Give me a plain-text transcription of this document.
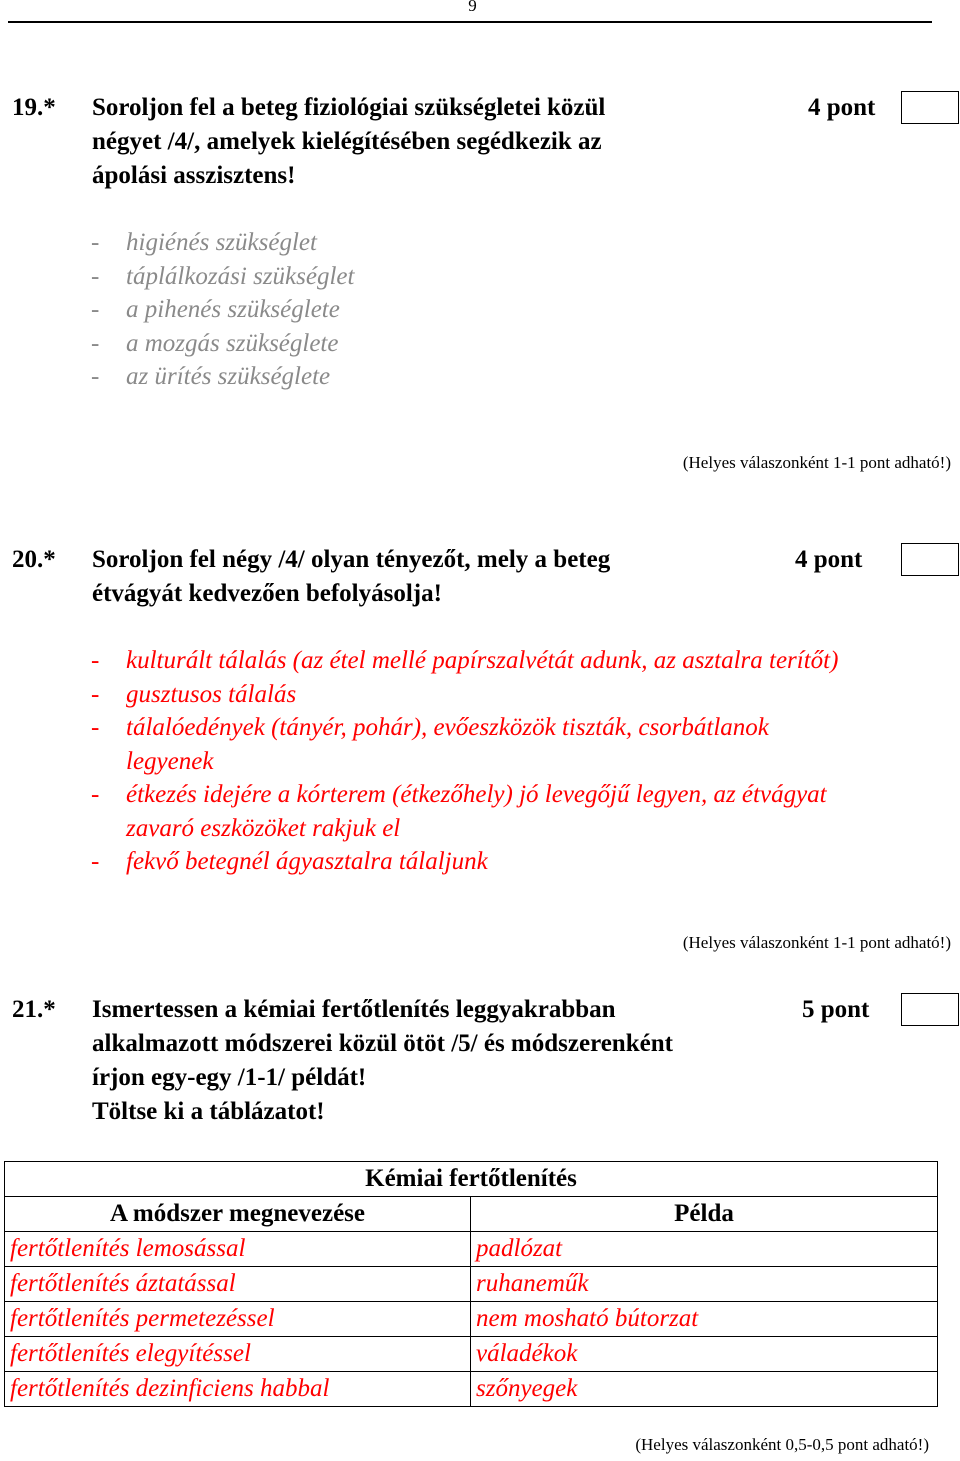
9
19.* Soroljon fel a beteg fiziológiai szükségletei közül
négyet /4/, amelyek kielégítésében segédkezik az
ápolási asszisztens!
4 pont
- higiénés szükséglet
- táplálkozási szükséglet
- a pihenés szükséglete
- a mozgás szükséglete
- az ürítés szükséglete
(Helyes válaszonként 1-1 pont adható!)
20.* Soroljon fel négy /4/ olyan tényezőt, mely a beteg
étvágyát kedvezően befolyásolja!
4 pont
- kulturált tálalás (az étel mellé papírszalvétát adunk, az asztalra terítőt)
- gusztusos tálalás
- tálalóedények (tányér, pohár), evőeszközök tiszták, csorbátlanok
legyenek
- étkezés idejére a kórterem (étkezőhely) jó levegőjű legyen, az étvágyat
zavaró eszközöket rakjuk el
- fekvő betegnél ágyasztalra tálaljunk
(Helyes válaszonként 1-1 pont adható!)
21.* Ismertessen a kémiai fertőtlenítés leggyakrabban
alkalmazott módszerei közül ötöt /5/ és módszerenként
írjon egy-egy /1-1/ példát!
Töltse ki a táblázatot!
5 pont
Kémiai fertőtlenítés	
A módszer megnevezése	Példa
fertőtlenítés lemosással	padlózat
fertőtlenítés áztatással	ruhaneműk
fertőtlenítés permetezéssel	nem mosható bútorzat
fertőtlenítés elegyítéssel	váladékok
fertőtlenítés dezinficiens habbal	szőnyegek
(Helyes válaszonként 0,5-0,5 pont adható!)
